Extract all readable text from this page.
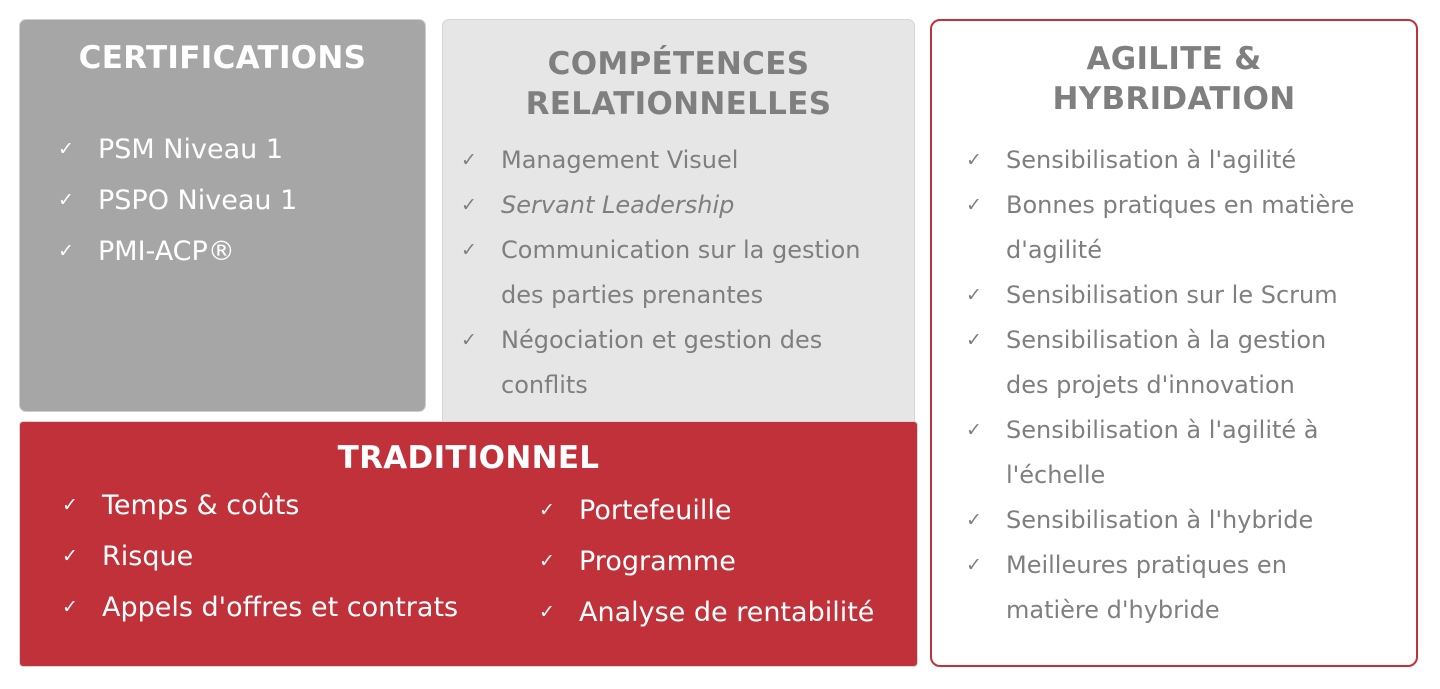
CERTIFICATIONS
✓ PSM Niveau 1
✓ PSPO Niveau 1
✓ PMI-ACP®
COMPÉTENCES
RELATIONNELLES
✓ Management Visuel
✓ Servant Leadership
✓ Communication sur la gestion
des parties prenantes
✓ Négociation et gestion des
conflits
AGILITE &
HYBRIDATION
✓ Sensibilisation à l'agilité
✓ Bonnes pratiques en matière
d'agilité
✓ Sensibilisation sur le Scrum
✓ Sensibilisation à la gestion
des projets d'innovation
✓ Sensibilisation à l'agilité à
l'échelle
✓ Sensibilisation à l'hybride
✓ Meilleures pratiques en
matière d'hybride
TRADITIONNEL
✓ Temps & coûts
✓ Risque
✓ Appels d'offres et contrats
✓ Portefeuille
✓ Programme
✓ Analyse de rentabilité
